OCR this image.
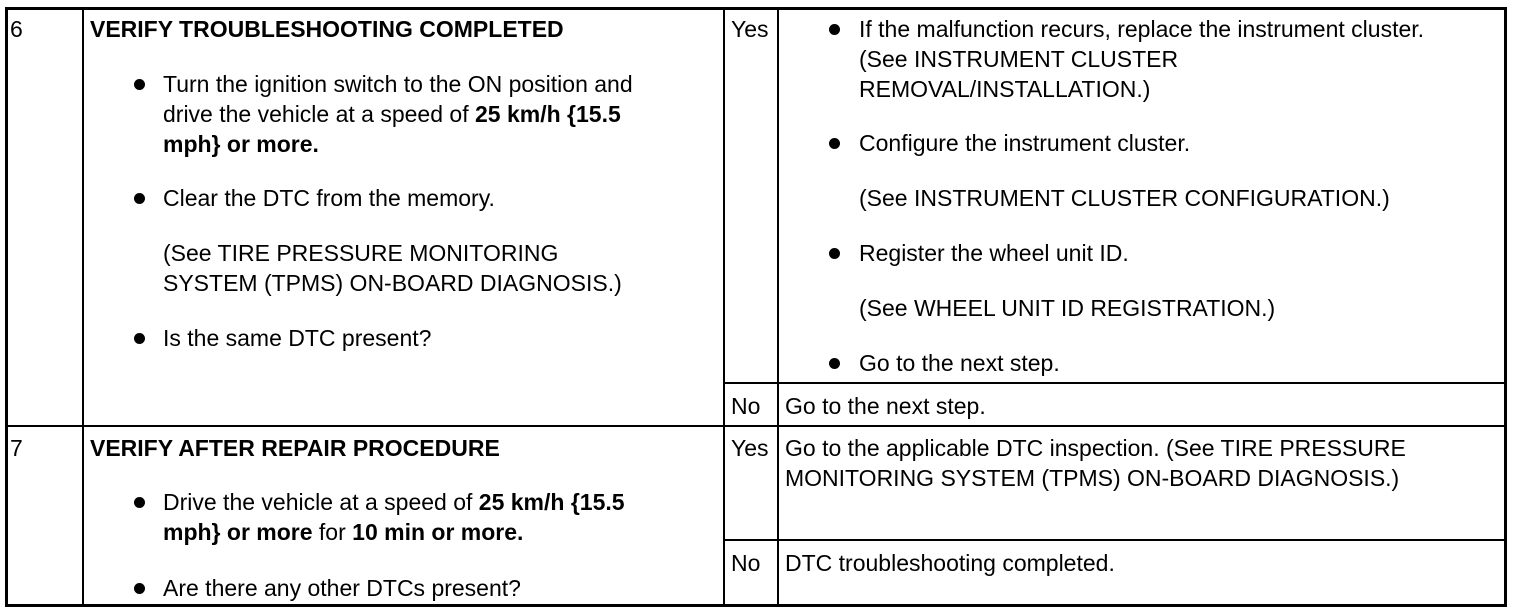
6	VERIFY TROUBLESHOOTING COMPLETED
Turn the ignition switch to the ON position and
drive the vehicle at a speed of 25 km/h {15.5
mph} or more.
Clear the DTC from the memory.
(See TIRE PRESSURE MONITORING
SYSTEM (TPMS) ON-BOARD DIAGNOSIS.)
Is the same DTC present?
Yes	If the malfunction recurs, replace the instrument cluster.
(See INSTRUMENT CLUSTER
REMOVAL/INSTALLATION.)
Configure the instrument cluster.
(See INSTRUMENT CLUSTER CONFIGURATION.)
Register the wheel unit ID.
(See WHEEL UNIT ID REGISTRATION.)
Go to the next step.
No Go to the next step.
7	VERIFY AFTER REPAIR PROCEDURE
Drive the vehicle at a speed of 25 km/h {15.5
mph} or more for 10 min or more.
Are there any other DTCs present?
Yes Go to the applicable DTC inspection. (See TIRE PRESSURE
MONITORING SYSTEM (TPMS) ON-BOARD DIAGNOSIS.)
No DTC troubleshooting completed.
